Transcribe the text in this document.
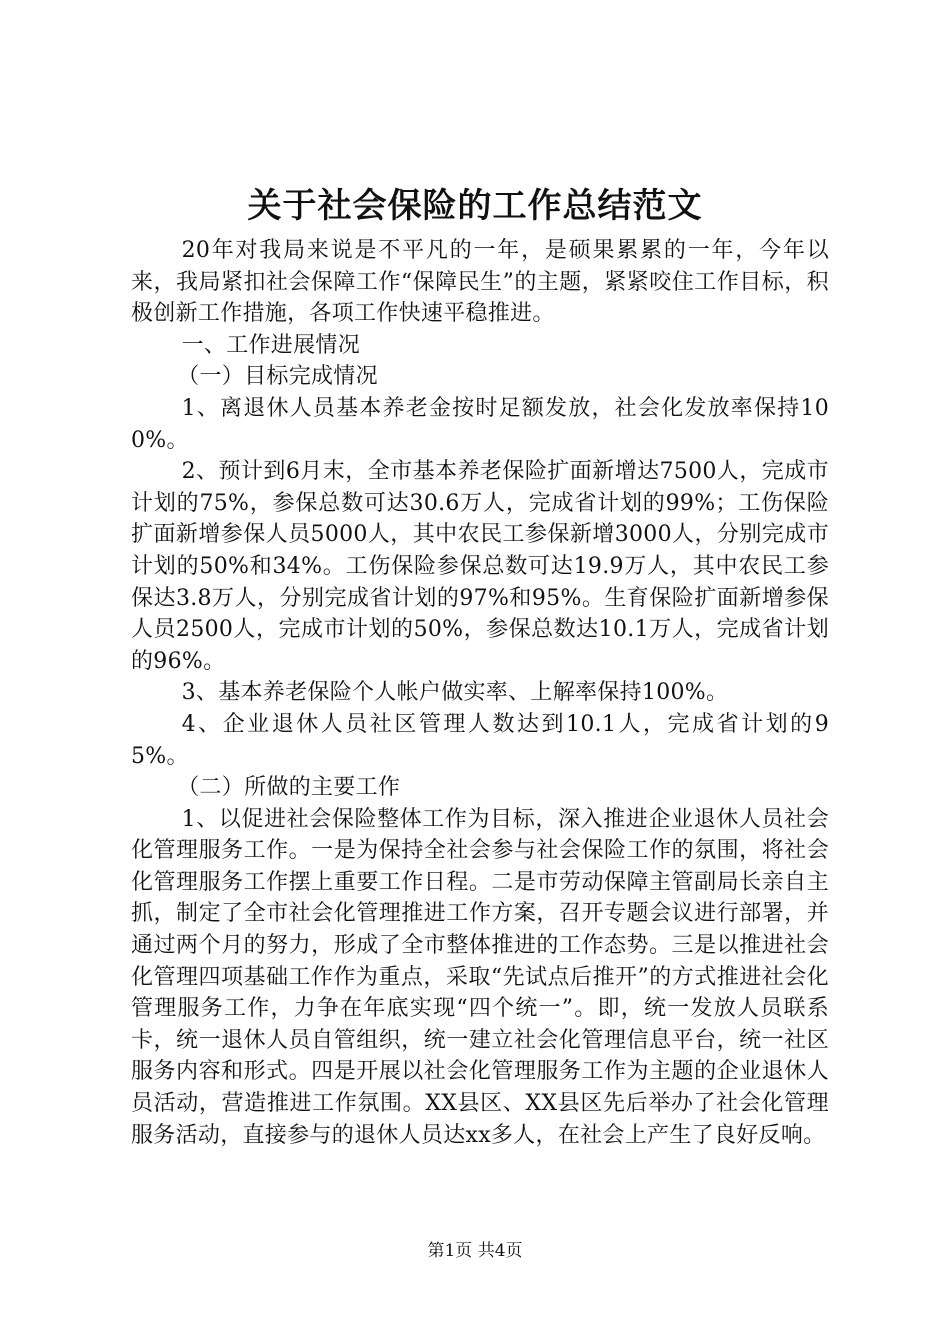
关于社会保险的工作总结范文

20年对我局来说是不平凡的一年，是硕果累累的一年，今年以来，我局紧扣社会保障工作“保障民生”的主题，紧紧咬住工作目标，积极创新工作措施，各项工作快速平稳推进。

一、工作进展情况

（一）目标完成情况

1、离退休人员基本养老金按时足额发放，社会化发放率保持100%。

2、预计到6月末，全市基本养老保险扩面新增达7500人，完成市计划的75%，参保总数可达30.6万人，完成省计划的99%；工伤保险扩面新增参保人员5000人，其中农民工参保新增3000人，分别完成市计划的50%和34%。工伤保险参保总数可达19.9万人，其中农民工参保达3.8万人，分别完成省计划的97%和95%。生育保险扩面新增参保人员2500人，完成市计划的50%，参保总数达10.1万人，完成省计划的96%。

3、基本养老保险个人帐户做实率、上解率保持100%。

4、企业退休人员社区管理人数达到10.1人，完成省计划的95%。

（二）所做的主要工作

1、以促进社会保险整体工作为目标，深入推进企业退休人员社会化管理服务工作。一是为保持全社会参与社会保险工作的氛围，将社会化管理服务工作摆上重要工作日程。二是市劳动保障主管副局长亲自主抓，制定了全市社会化管理推进工作方案，召开专题会议进行部署，并通过两个月的努力，形成了全市整体推进的工作态势。三是以推进社会化管理四项基础工作作为重点，采取“先试点后推开”的方式推进社会化管理服务工作，力争在年底实现“四个统一”。即，统一发放人员联系卡，统一退休人员自管组织，统一建立社会化管理信息平台，统一社区服务内容和形式。四是开展以社会化管理服务工作为主题的企业退休人员活动，营造推进工作氛围。XX县区、XX县区先后举办了社会化管理服务活动，直接参与的退休人员达xx多人，在社会上产生了良好反响。

第1页 共4页
